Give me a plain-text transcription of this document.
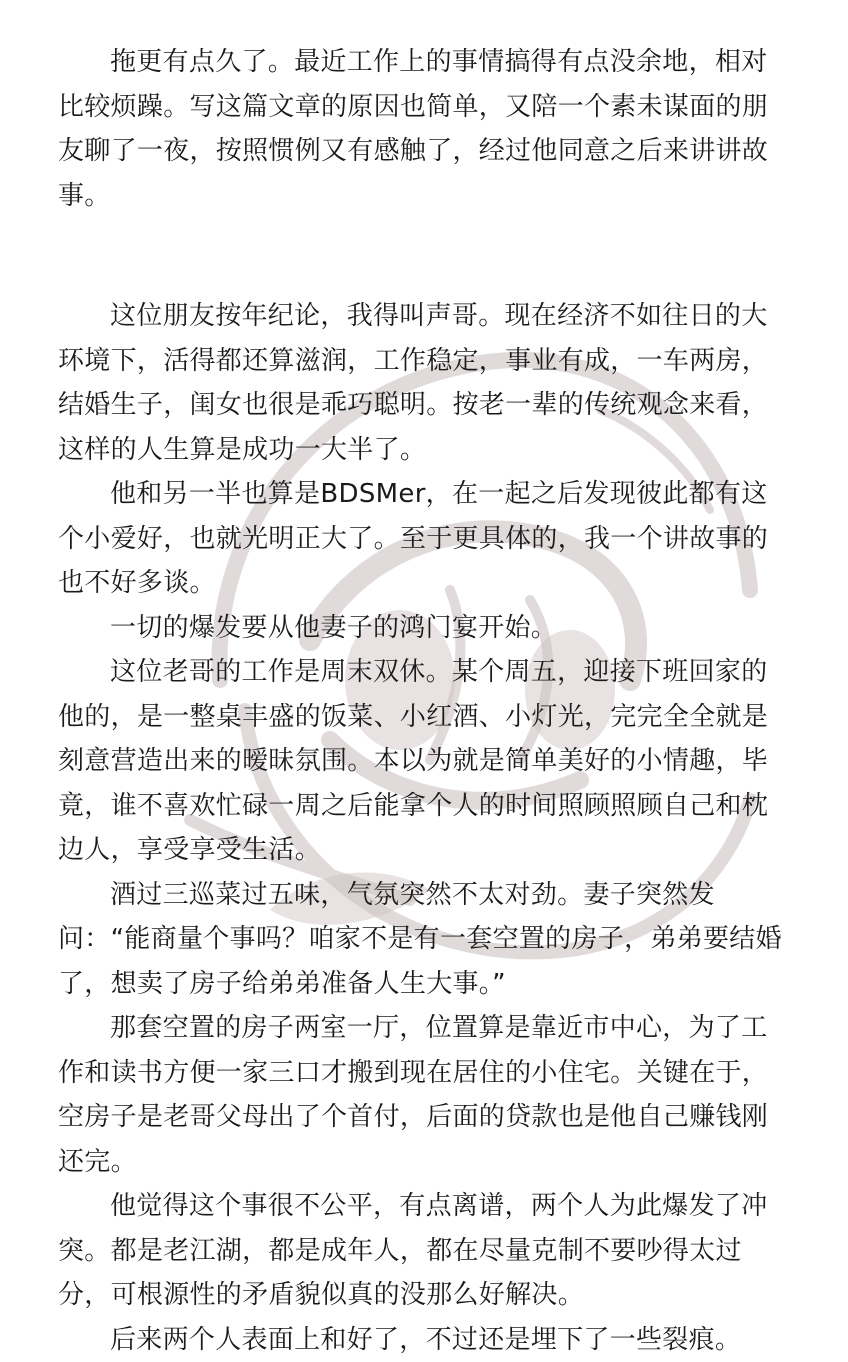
拖更有点久了。最近工作上的事情搞得有点没余地，相对比较烦躁。写这篇文章的原因也简单，又陪一个素未谋面的朋友聊了一夜，按照惯例又有感触了，经过他同意之后来讲讲故事。

这位朋友按年纪论，我得叫声哥。现在经济不如往日的大环境下，活得都还算滋润，工作稳定，事业有成，一车两房，结婚生子，闺女也很是乖巧聪明。按老一辈的传统观念来看，这样的人生算是成功一大半了。

他和另一半也算是BDSMer，在一起之后发现彼此都有这个小爱好，也就光明正大了。至于更具体的，我一个讲故事的也不好多谈。

一切的爆发要从他妻子的鸿门宴开始。

这位老哥的工作是周末双休。某个周五，迎接下班回家的他的，是一整桌丰盛的饭菜、小红酒、小灯光，完完全全就是刻意营造出来的暧昧氛围。本以为就是简单美好的小情趣，毕竟，谁不喜欢忙碌一周之后能拿个人的时间照顾照顾自己和枕边人，享受享受生活。

酒过三巡菜过五味，气氛突然不太对劲。妻子突然发问：“能商量个事吗？咱家不是有一套空置的房子，弟弟要结婚了，想卖了房子给弟弟准备人生大事。”

那套空置的房子两室一厅，位置算是靠近市中心，为了工作和读书方便一家三口才搬到现在居住的小住宅。关键在于，空房子是老哥父母出了个首付，后面的贷款也是他自己赚钱刚还完。

他觉得这个事很不公平，有点离谱，两个人为此爆发了冲突。都是老江湖，都是成年人，都在尽量克制不要吵得太过分，可根源性的矛盾貌似真的没那么好解决。

后来两个人表面上和好了，不过还是埋下了一些裂痕。
